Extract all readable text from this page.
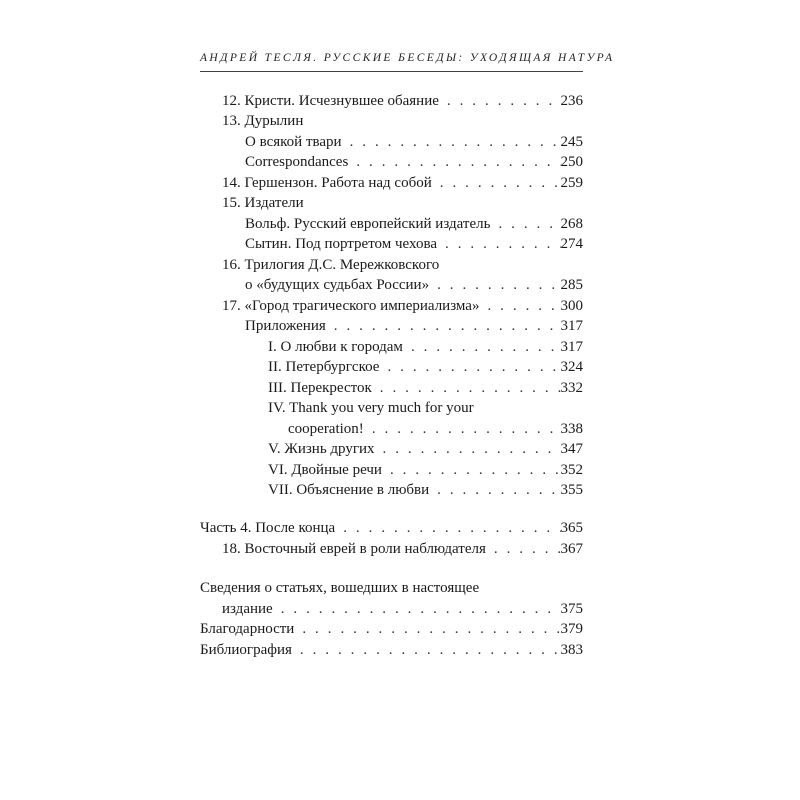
АНДРЕЙ ТЕСЛЯ. РУССКИЕ БЕСЕДЫ: УХОДЯЩАЯ НАТУРА
12. Кристи. Исчезнувшее обаяние . . .	236
13. Дурылин
О всякой твари . . .	245
Correspondances . . .	250
14. Гершензон. Работа над собой . . .	259
15. Издатели
Вольф. Русский европейский издатель . . .	268
Сытин. Под портретом чехова . . .	274
16. Трилогия Д.С. Мережковского
о «будущих судьбах России» . . .	285
17. «Город трагического империализма» . . .	300
Приложения . . .	317
I. О любви к городам . . .	317
II. Петербургское . . .	324
III. Перекресток . . .	332
IV. Thank you very much for your
cooperation! . . .	338
V. Жизнь других . . .	347
VI. Двойные речи . . .	352
VII. Объяснение в любви . . .	355
Часть 4. После конца . . .	365
18. Восточный еврей в роли наблюдателя . . .	367
Сведения о статьях, вошедших в настоящее
издание . . .	375
Благодарности . . .	379
Библиография . . .	383
